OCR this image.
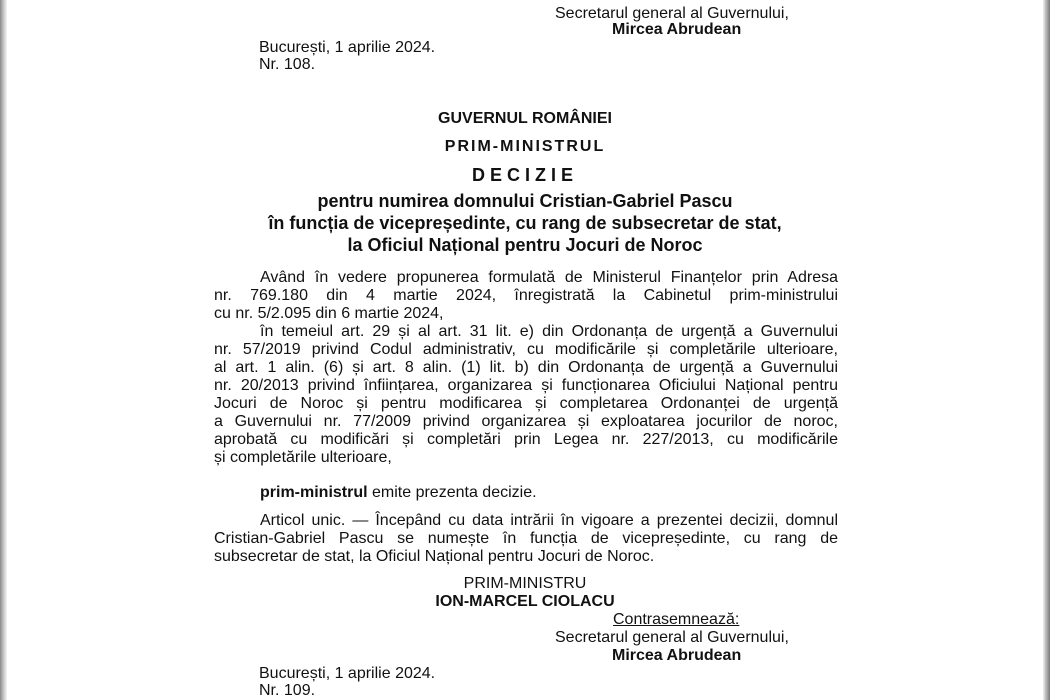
Secretarul general al Guvernului,
Mircea Abrudean
București, 1 aprilie 2024.
Nr. 108.
GUVERNUL ROMÂNIEI
PRIM-MINISTRUL
DECIZIE
pentru numirea domnului Cristian-Gabriel Pascu
în funcția de vicepreședinte, cu rang de subsecretar de stat,
la Oficiul Național pentru Jocuri de Noroc
Având în vedere propunerea formulată de Ministerul Finanțelor prin Adresa
nr. 769.180 din 4 martie 2024, înregistrată la Cabinetul prim-ministrului
cu nr. 5/2.095 din 6 martie 2024,
în temeiul art. 29 și al art. 31 lit. e) din Ordonanța de urgență a Guvernului
nr. 57/2019 privind Codul administrativ, cu modificările și completările ulterioare,
al art. 1 alin. (6) și art. 8 alin. (1) lit. b) din Ordonanța de urgență a Guvernului
nr. 20/2013 privind înființarea, organizarea și funcționarea Oficiului Național pentru
Jocuri de Noroc și pentru modificarea și completarea Ordonanței de urgență
a Guvernului nr. 77/2009 privind organizarea și exploatarea jocurilor de noroc,
aprobată cu modificări și completări prin Legea nr. 227/2013, cu modificările
și completările ulterioare,
prim-ministrul emite prezenta decizie.
Articol unic. — Începând cu data intrării în vigoare a prezentei decizii, domnul
Cristian-Gabriel Pascu se numește în funcția de vicepreședinte, cu rang de
subsecretar de stat, la Oficiul Național pentru Jocuri de Noroc.
PRIM-MINISTRU
ION-MARCEL CIOLACU
Contrasemnează:
Secretarul general al Guvernului,
Mircea Abrudean
București, 1 aprilie 2024.
Nr. 109.
